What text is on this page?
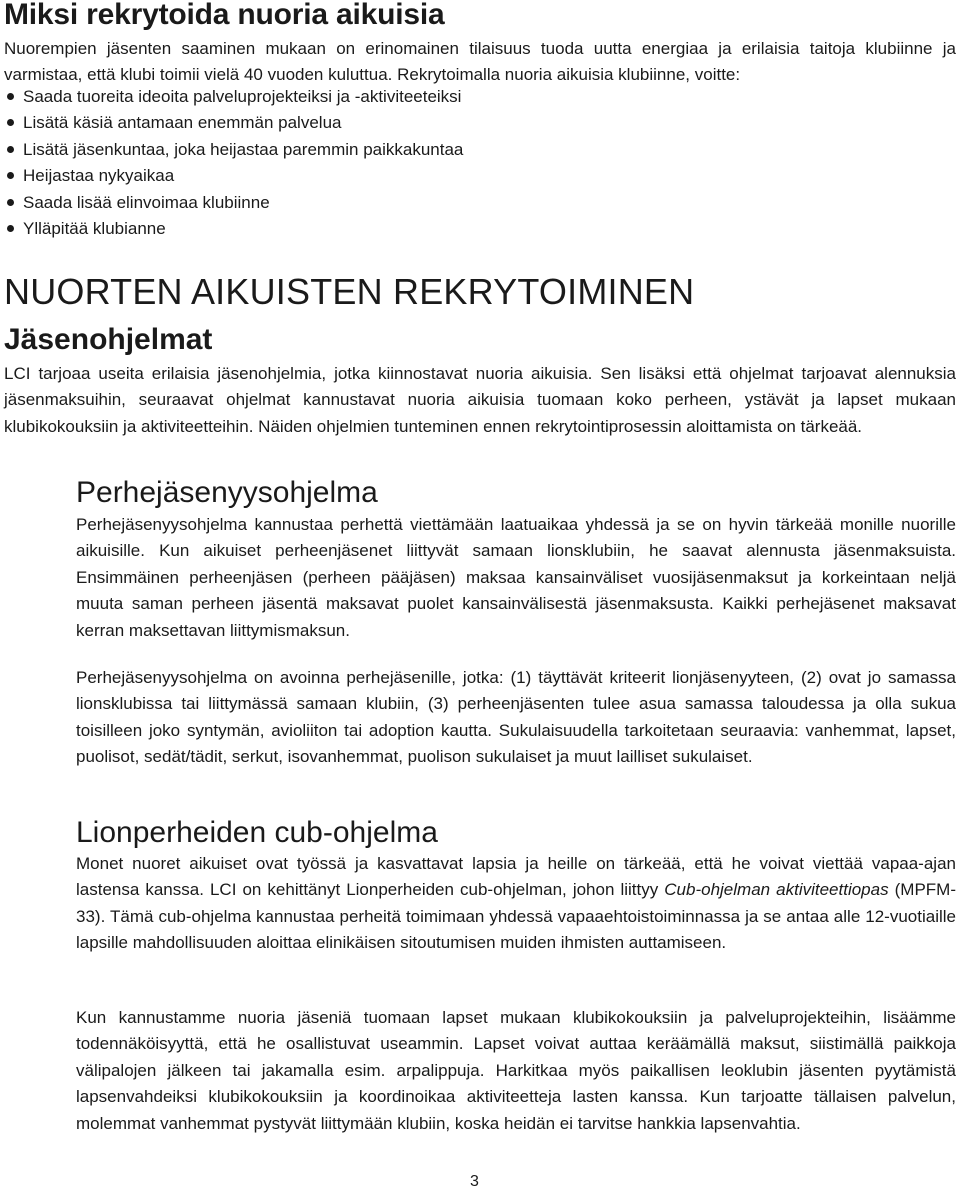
Miksi rekrytoida nuoria aikuisia

Nuorempien jäsenten saaminen mukaan on erinomainen tilaisuus tuoda uutta energiaa ja erilaisia taitoja klubiinne ja varmistaa, että klubi toimii vielä 40 vuoden kuluttua. Rekrytoimalla nuoria aikuisia klubiinne, voitte:

Saada tuoreita ideoita palveluprojekteiksi ja -aktiviteeteiksi
Lisätä käsiä antamaan enemmän palvelua
Lisätä jäsenkuntaa, joka heijastaa paremmin paikkakuntaa
Heijastaa nykyaikaa
Saada lisää elinvoimaa klubiinne
Ylläpitää klubianne
NUORTEN AIKUISTEN REKRYTOIMINEN
Jäsenohjelmat

LCI tarjoaa useita erilaisia jäsenohjelmia, jotka kiinnostavat nuoria aikuisia. Sen lisäksi että ohjelmat tarjoavat alennuksia jäsenmaksuihin, seuraavat ohjelmat kannustavat nuoria aikuisia tuomaan koko perheen, ystävät ja lapset mukaan klubikokouksiin ja aktiviteetteihin. Näiden ohjelmien tunteminen ennen rekrytointiprosessin aloittamista on tärkeää.

Perhejäsenyysohjelma

Perhejäsenyysohjelma kannustaa perhettä viettämään laatuaikaa yhdessä ja se on hyvin tärkeää monille nuorille aikuisille. Kun aikuiset perheenjäsenet liittyvät samaan lionsklubiin, he saavat alennusta jäsenmaksuista. Ensimmäinen perheenjäsen (perheen pääjäsen) maksaa kansainväliset vuosijäsenmaksut ja korkeintaan neljä muuta saman perheen jäsentä maksavat puolet kansainvälisestä jäsenmaksusta. Kaikki perhejäsenet maksavat kerran maksettavan liittymismaksun.

Perhejäsenyysohjelma on avoinna perhejäsenille, jotka: (1) täyttävät kriteerit lionjäsenyyteen, (2) ovat jo samassa lionsklubissa tai liittymässä samaan klubiin, (3) perheenjäsenten tulee asua samassa taloudessa ja olla sukua toisilleen joko syntymän, avioliiton tai adoption kautta. Sukulaisuudella tarkoitetaan seuraavia: vanhemmat, lapset, puolisot, sedät/tädit, serkut, isovanhemmat, puolison sukulaiset ja muut lailliset sukulaiset.

Lionperheiden cub-ohjelma

Monet nuoret aikuiset ovat työssä ja kasvattavat lapsia ja heille on tärkeää, että he voivat viettää vapaa-ajan lastensa kanssa. LCI on kehittänyt Lionperheiden cub-ohjelman, johon liittyy Cub-ohjelman aktiviteettiopas (MPFM-33). Tämä cub-ohjelma kannustaa perheitä toimimaan yhdessä vapaaehtoistoiminnassa ja se antaa alle 12-vuotiaille lapsille mahdollisuuden aloittaa elinikäisen sitoutumisen muiden ihmisten auttamiseen.

Kun kannustamme nuoria jäseniä tuomaan lapset mukaan klubikokouksiin ja palveluprojekteihin, lisäämme todennäköisyyttä, että he osallistuvat useammin. Lapset voivat auttaa keräämällä maksut, siistimällä paikkoja välipalojen jälkeen tai jakamalla esim. arpalippuja. Harkitkaa myös paikallisen leoklubin jäsenten pyytämistä lapsenvahdeiksi klubikokouksiin ja koordinoikaa aktiviteetteja lasten kanssa. Kun tarjoatte tällaisen palvelun, molemmat vanhemmat pystyvät liittymään klubiin, koska heidän ei tarvitse hankkia lapsenvahtia.

3
